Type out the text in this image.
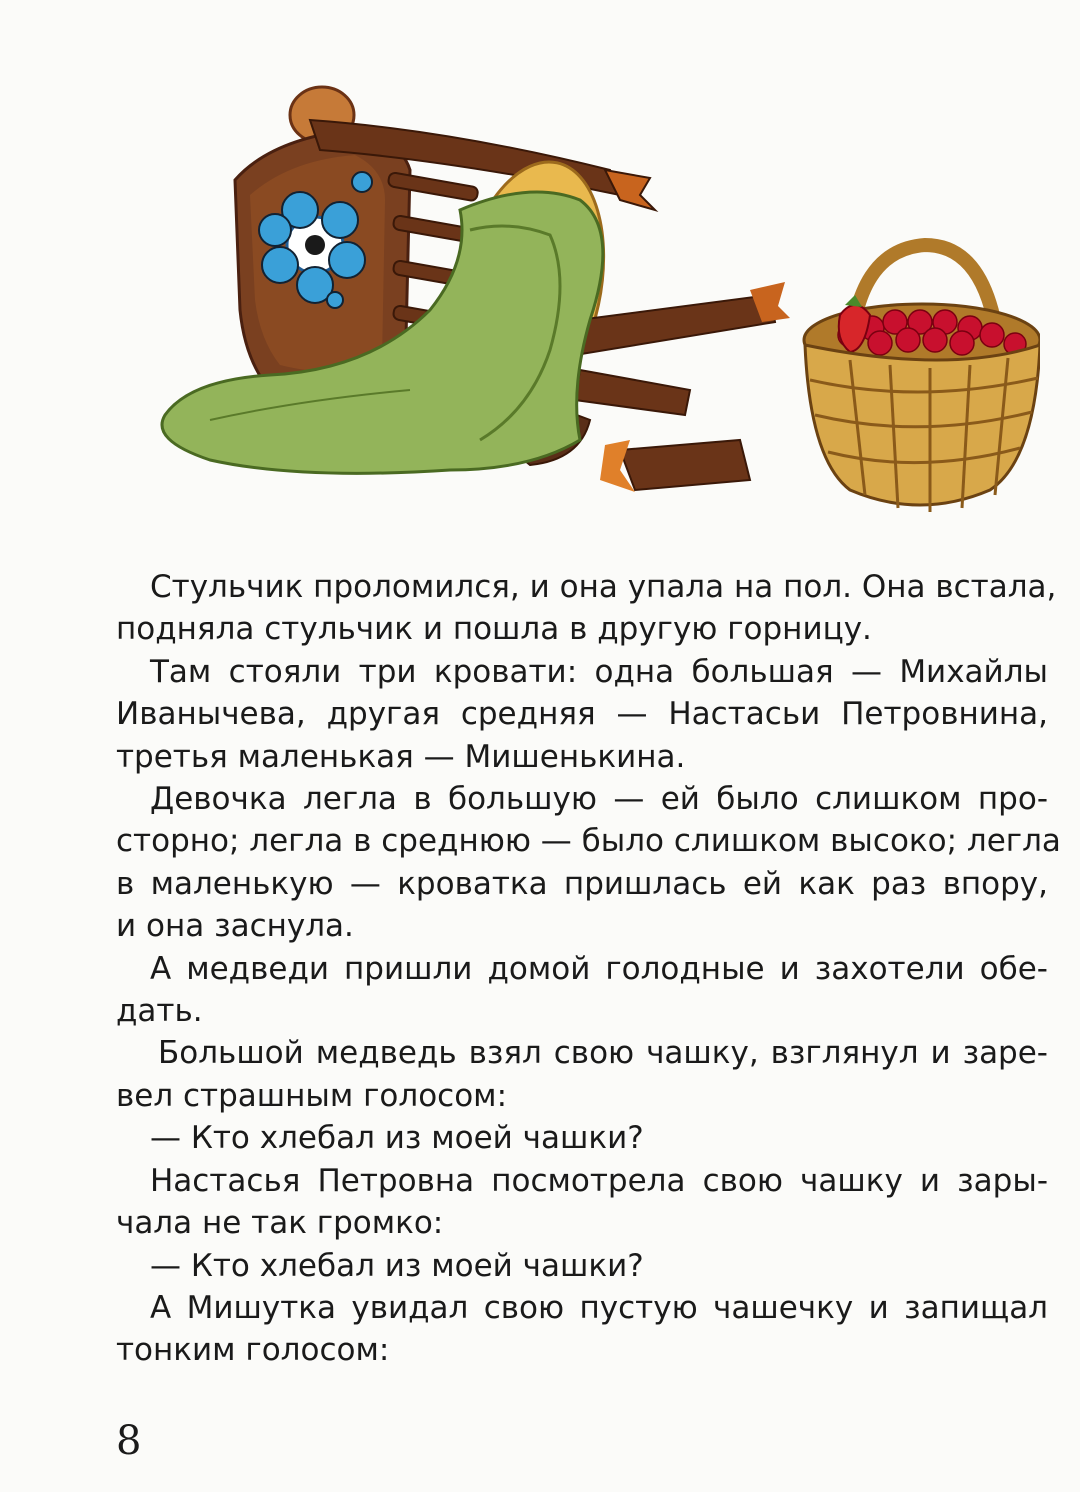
Стульчик проломился, и она упала на пол. Она встала,
подняла стульчик и пошла в другую горницу.
Там стояли три кровати: одна большая — Михайлы
Иванычева, другая средняя — Настасьи Петровнина,
третья маленькая — Мишенькина.
Девочка легла в большую — ей было слишком про-
сторно; легла в среднюю — было слишком высоко; легла
в маленькую — кроватка пришлась ей как раз впору,
и она заснула.
А медведи пришли домой голодные и захотели обе-
дать.
Большой медведь взял свою чашку, взглянул и заре-
вел страшным голосом:
— Кто хлебал из моей чашки?
Настасья Петровна посмотрела свою чашку и зары-
чала не так громко:
— Кто хлебал из моей чашки?
А Мишутка увидал свою пустую чашечку и запищал
тонким голосом:
8
